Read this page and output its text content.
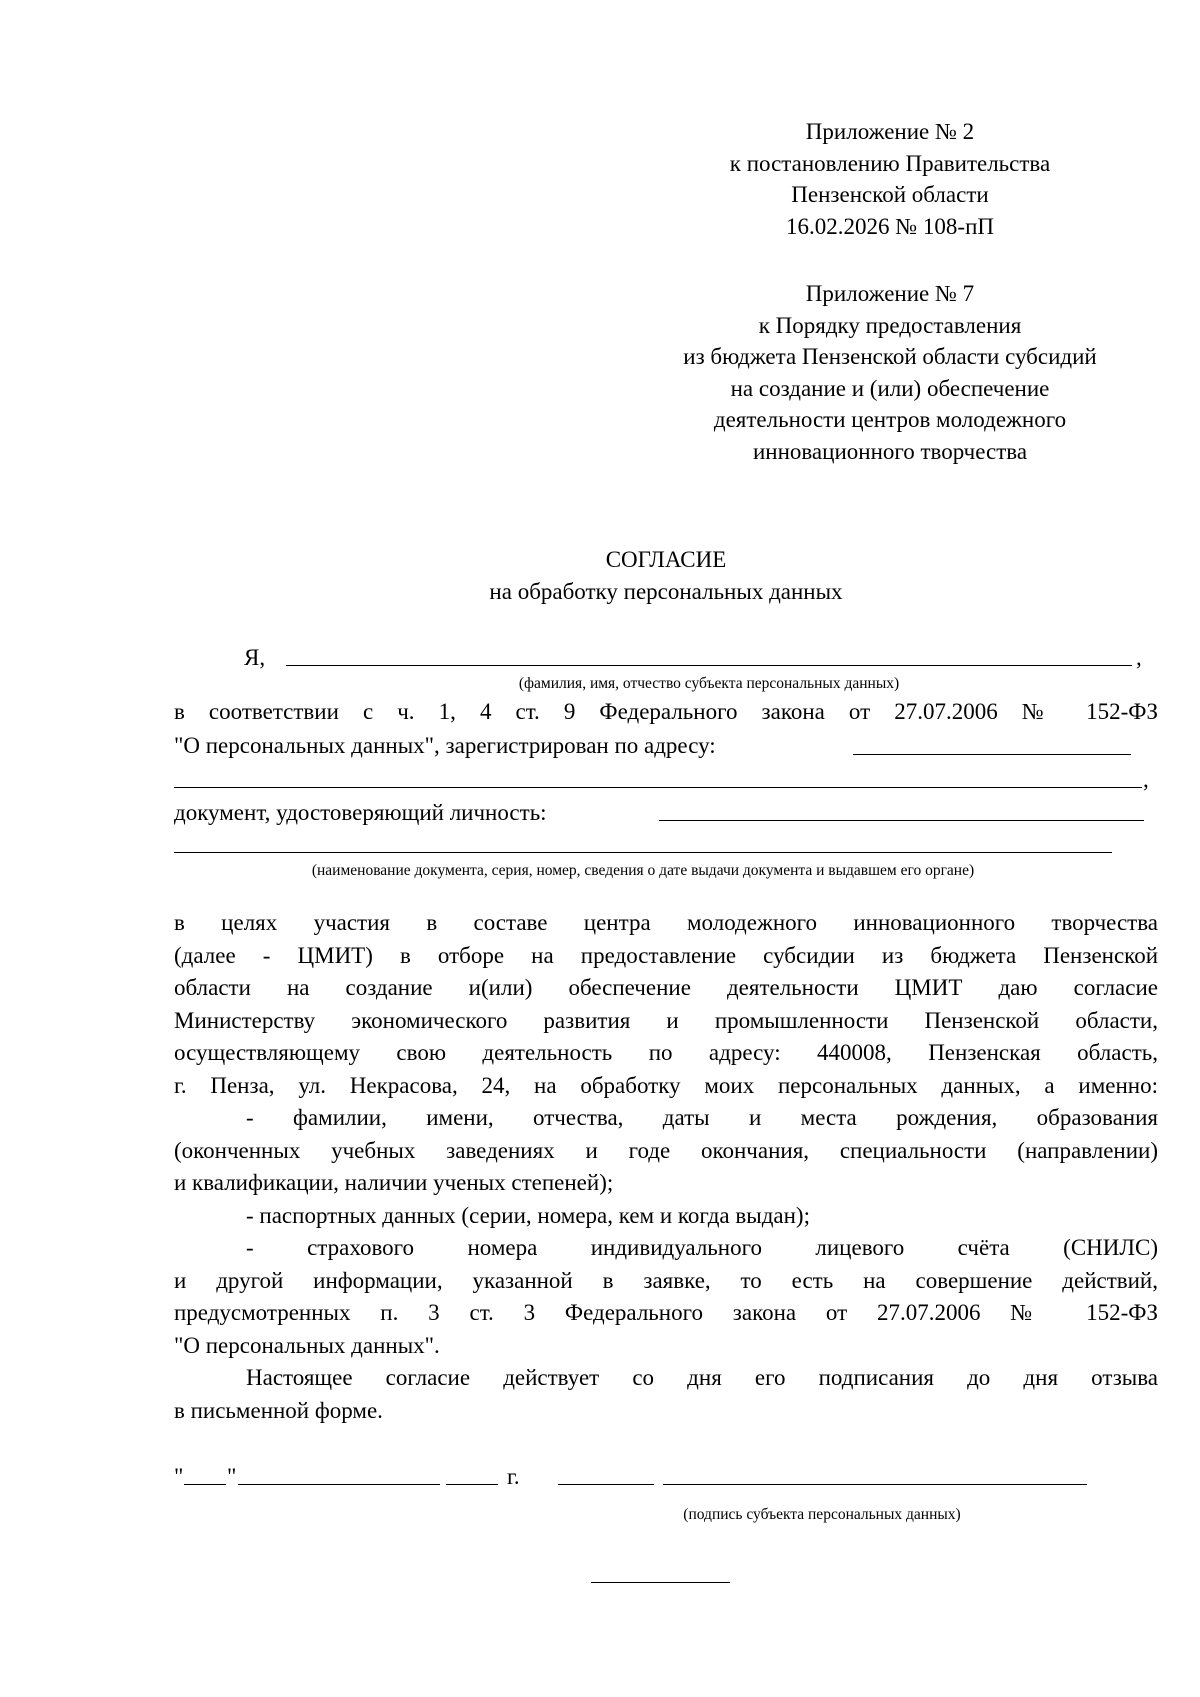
Приложение № 2
к постановлению Правительства
Пензенской области
16.02.2026 № 108-пП
Приложение № 7
к Порядку предоставления
из бюджета Пензенской области субсидий
на создание и (или) обеспечение
деятельности центров молодежного
инновационного творчества
СОГЛАСИЕ
на обработку персональных данных
Я,	,
(фамилия, имя, отчество субъекта персональных данных)
в соответствии с ч. 1, 4 ст. 9 Федерального закона от 27.07.2006 № 152-ФЗ
"О персональных данных", зарегистрирован по адресу:
,
документ, удостоверяющий личность:
(наименование документа, серия, номер, сведения о дате выдачи документа и выдавшем его органе)
в целях участия в составе центра молодежного инновационного творчества
(далее - ЦМИТ) в отборе на предоставление субсидии из бюджета Пензенской
области на создание и(или) обеспечение деятельности ЦМИТ даю согласие
Министерству экономического развития и промышленности Пензенской области,
осуществляющему свою деятельность по адресу: 440008, Пензенская область,
г. Пенза, ул. Некрасова, 24, на обработку моих персональных данных, а именно:
- фамилии, имени, отчества, даты и места рождения, образования
(оконченных учебных заведениях и годе окончания, специальности (направлении)
и квалификации, наличии ученых степеней);
- паспортных данных (серии, номера, кем и когда выдан);
- страхового номера индивидуального лицевого счёта (СНИЛС)
и другой информации, указанной в заявке, то есть на совершение действий,
предусмотренных п. 3 ст. 3 Федерального закона от 27.07.2006 № 152-ФЗ
"О персональных данных".
Настоящее согласие действует со дня его подписания до дня отзыва
в письменной форме.
" "	г.
(подпись субъекта персональных данных)
